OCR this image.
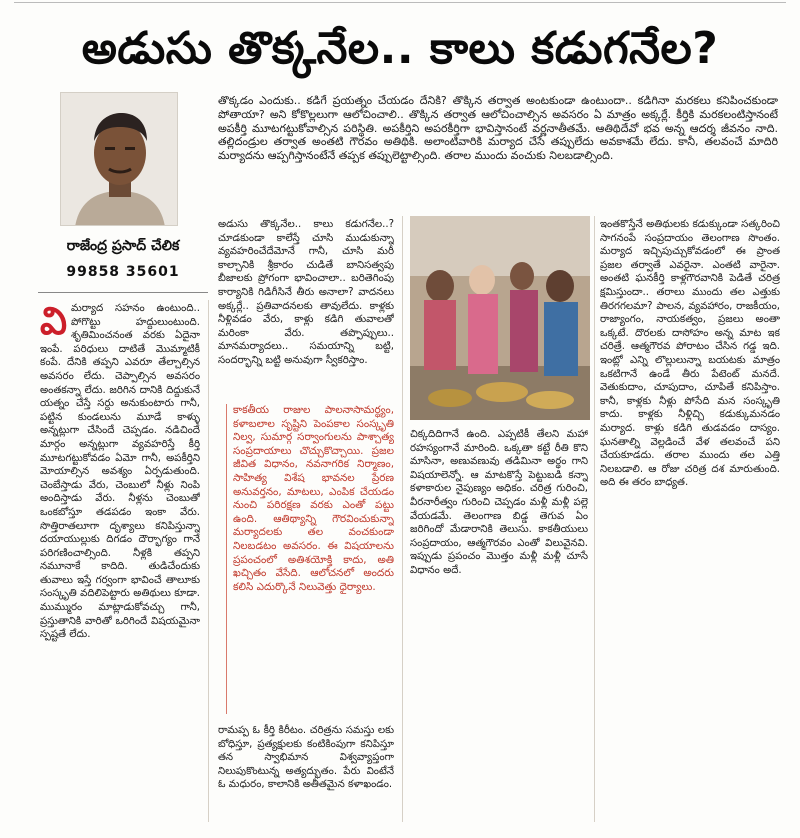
అడుసు తొక్కనేల.. కాలు కడుగనేల?
రాజేంద్ర ప్రసాద్ చేలిక
99858 35601
తొక్కడం ఎందుకు.. కడిగే ప్రయత్నం చేయడం దేనికి? తొక్కిన తర్వాత అంటకుండా ఉంటుందా.. కడిగినా మరకలు కనిపించకుండా పోతాయా? అని కోకొల్లలుగా ఆలోచించాలి.. తొక్కిన తర్వాత ఆలోచించాల్సిన అవసరం ఏ మాత్రం అక్కర్లే. కీర్తికి మరకలంటిస్తానంటే అపకీర్తి మూటగట్టుకోవాల్సిన పరిస్థితి. అపకీర్తిని అపరకీర్తిగా భావిస్తానంటే వర్ణనాతీతమే. ఆతిథిదేవో భవ అన్న ఆదర్శ జీవనం నాది. తల్లిదండ్రుల తర్వాత అంతటి గౌరవం అతిథికి. అలాంటివారికి మర్యాద చేసే తప్పులేదు అవకాశమే లేదు. కానీ, తలవంచే మాదిరి మర్యాదను ఆప్పగిస్తానంటేనే తప్పక తప్పులెట్టాల్సింది. తరాల ముందు వంచుకు నిలబడాల్సింది.
వి మర్యాద సహనం ఉంటుంది.. పోగొట్టు హద్దులుంటుంది. శృతిమించనంత వరకు ఏదైనా ఇంపే. పరిధులు దాటితే మొమ్మాటికీ కంపే. దేనికి తప్పని ఎవరూ తేల్చాల్సిన అవసరం లేదు. చెప్పాల్సిన అవసరం అంతకన్నా లేదు. జరిగిన దానికి దిద్దుకునే యత్నం చేస్తే సర్దు అనుకుంటారు గానీ, పట్టిన కుండలును మూడే కాళ్ళు అన్నట్లుగా చేసిందే చెప్పడం. నడిచిందే మార్గం అన్నట్లుగా వ్యవహరిస్తే కీర్తి మూటగట్టుకోవడం ఏమో గానీ, అపకీర్తిని మోయాల్సిన అవశ్యం ఏర్పడుతుంది. చెంబేస్తాడు వేరు, చెంబులో నీళ్లు నింపి అందిస్తాడు వేరు. నీళ్లను చెంబుతో ఒంకబోస్తూ తడపడం ఇంకా వేరు. సొత్తిరాతలూగా దృశ్యాలు కనిపిస్తున్నా దయాయుల్లుకు దిగడం దౌర్భాగ్యం గానే పరిగణించాల్సింది. నీళ్లకి తప్పని నమూనాకే కాదిది. తుడిచేందుకు తువాలు ఇస్తే గర్వంగా భావించే తాలూకు సంస్కృతి వదిలిపెట్టారు అతిథులు కూడా. ముమ్మురం మాట్లాడుకోవచ్చు గానీ, ప్రస్తుతానికి వారితో ఒరిగిందే విషయమైనా స్పష్టతే లేదు.
అడుసు తొక్కనేల.. కాలు కడుగనేల..? చూడకుండా కాలేస్తే చూసి ముడుకున్నా వ్యవహరించేదేమోనే గానీ, చూసి మరీ కాల్చానికి శ్రీకారం చుడితే బానిసత్వపు బీజాలకు ప్రోగంగా భావించాలా.. బరితెగింపు కార్యానికి గిడిగీసినే తీరు అనాలా? వాదనలు అక్కర్లే.. ప్రతివాదనలకు తావులేదు. కాళ్లకు నీళ్లివడం వేరు, కాళ్లు కడిగి తువాలతో మరింకా వేరు. తప్పొప్పులు.. మానమర్యాదలు.. సమయాన్ని బట్టి, సందర్భాన్ని బట్టి అనువుగా స్వీకరిస్తాం.
కాకతీయ రాజుల పాలనాసామర్థ్యం, కళాబలాల సృష్టిని పెంపకాల సంస్కృతి నిల్వ, సుమార్గ సర్వాంగులను పాశ్చాత్య సంప్రదాయాలు చొచ్చుకొచ్చాయి. ప్రజల జీవిత విధానం, నవనాగరిక నిర్మాణం, సాహిత్య విశేష భావనల ప్రేరణ అనువర్తనం, మాటలు, ఎంపిక చేయడం నుంచి పరిరక్షణ వరకు ఎంతో పట్టు ఉంది. ఆతిథ్యాన్ని గౌరవించుకున్నా మర్యాదలకు తల వంచకుండా నిలబడటం అవసరం. ఈ విషయాలను ప్రపంచంలో అతిశయోక్తి కాదు, అతి ఖచ్చితం వేసేది. ఆలోచనలో అందరు కలిసి ఎదుర్కొనే నిలువెత్తు ధైర్యాలు.
రామప్ప ఓ కీర్తి కిరీటం. చరిత్రను సమస్తు లకు బోధిస్తూ, ప్రత్యక్షులకు కంటికింపుగా కనిపిస్తూ తన స్వాభిమాన విశ్వవ్యాప్తంగా నిలుపుకొంటున్న అత్యద్భుతం. పేరు వింటేనే ఓ మధురం, కాలానికి అతీతమైన కళాఖండం.
చిక్కదిదిగానే ఉంది. ఎప్పటికీ తేలని మహా రహస్యంగానే మారింది. ఒక్కతా కట్టే రీతి కొని మాసినా, అణువణువు తడిమినా అర్థం గాని విషయాలెన్నో. ఆ మాటకొస్తే పెట్టుబడి కన్నా కళాకారుల నైపుణ్యం అధికం. చరిత్ర గురించి, వీరనారీత్వం గురించి చెప్పడం మళ్లీ మళ్లీ పల్లె వేయడమే. తెలంగాణ బిడ్డ తెగువ ఏం జరిగిందో మేడారానికి తెలుసు. కాకతీయులు సంప్రదాయం, ఆత్మగౌరవం ఎంతో విలువైనవి. ఇప్పుడు ప్రపంచం మొత్తం మళ్లీ మళ్లీ చూసే విధానం అదే.
ఇంతకొస్తేనే అతిథులకు కడుక్కుండా సత్కరించి సాగనంపే సంప్రదాయం తెలంగాణ సొంతం. మర్యాద ఇచ్చిపుచ్చుకోవడంలో ఈ ప్రాంత ప్రజల తర్వాతే ఎవరైనా. ఎంతటి వారైనా. అంతటి ఘనకీర్తి కాళ్లగౌరవానికి పెడితే చరిత్ర క్షమిస్తుందా.. తరాలు ముందు తల ఎత్తుకు తిరగగలమా? పాలన, వ్యవహారం, రాజకీయం, రాజ్యాంగం, నాయకత్వం, ప్రజలు అంతా ఒక్కటే. దొరలకు దాసోహం అన్న మాట ఇక చరిత్రే. ఆత్మగౌరవ పోరాటం చేసిన గడ్డ ఇది. ఇంట్లో ఎన్ని లొల్లులున్నా బయటకు మాత్రం ఒకటిగానే ఉండే తీరు పేటెంట్ మనదే. వెతుకుదాం, చూపుదాం, చూపితే కనిపిస్తాం. కానీ, కాళ్లకు నీళ్లు పోసేది మన సంస్కృతి కాదు. కాళ్లకు నీళ్లిచ్చి కడుక్కుమనడం మర్యాద. కాళ్లు కడిగి తుడవడం దాస్యం. ఘనతాల్ని వెల్లడించే వేళ తలవంచే పని చేయకూడదు. తరాల ముందు తల ఎత్తి నిలబడాలి. ఆ రోజు చరిత్ర దశ మారుతుంది. అది ఈ తరం బాధ్యత.
